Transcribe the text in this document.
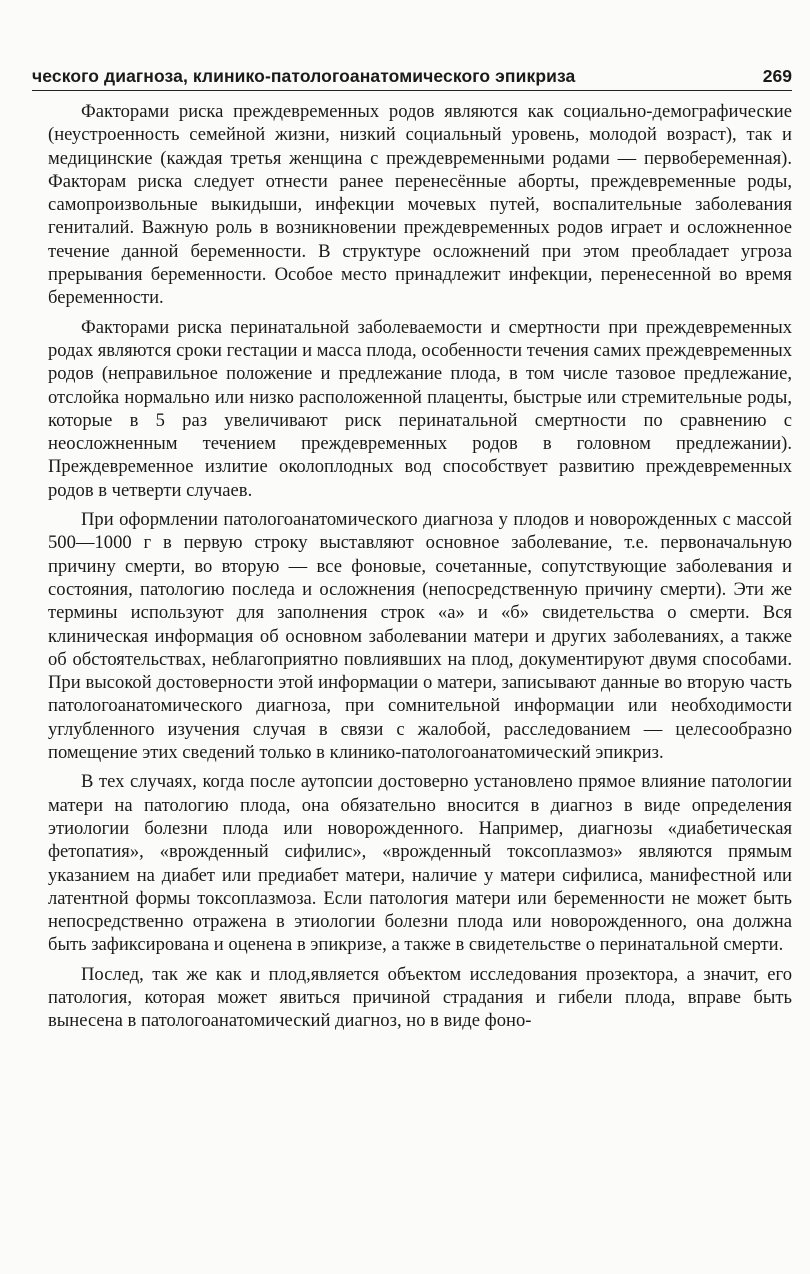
ческого диагноза, клинико-патологоанатомического эпикриза	269

Факторами риска преждевременных родов являются как социально-демографические (неустроенность семейной жизни, низкий социальный уровень, молодой возраст), так и медицинские (каждая третья женщина с преждевременными родами — первобеременная). Факторам риска следует отнести ранее перенесённые аборты, преждевременные роды, самопроизвольные выкидыши, инфекции мочевых путей, воспалительные заболевания гениталий. Важную роль в возникновении преждевременных родов играет и осложненное течение данной беременности. В структуре осложнений при этом преобладает угроза прерывания беременности. Особое место принадлежит инфекции, перенесенной во время беременности.

Факторами риска перинатальной заболеваемости и смертности при преждевременных родах являются сроки гестации и масса плода, особенности течения самих преждевременных родов (неправильное положение и предлежание плода, в том числе тазовое предлежание, отслойка нормально или низко расположенной плаценты, быстрые или стремительные роды, которые в 5 раз увеличивают риск перинатальной смертности по сравнению с неосложненным течением преждевременных родов в головном предлежании). Преждевременное излитие околоплодных вод способствует развитию преждевременных родов в четверти случаев.

При оформлении патологоанатомического диагноза у плодов и новорожденных с массой 500—1000 г в первую строку выставляют основное заболевание, т.е. первоначальную причину смерти, во вторую — все фоновые, сочетанные, сопутствующие заболевания и состояния, патологию последа и осложнения (непосредственную причину смерти). Эти же термины используют для заполнения строк «а» и «б» свидетельства о смерти. Вся клиническая информация об основном заболевании матери и других заболеваниях, а также об обстоятельствах, неблагоприятно повлиявших на плод, документируют двумя способами. При высокой достоверности этой информации о матери, записывают данные во вторую часть патологоанатомического диагноза, при сомнительной информации или необходимости углубленного изучения случая в связи с жалобой, расследованием — целесообразно помещение этих сведений только в клинико-патологоанатомический эпикриз.

В тех случаях, когда после аутопсии достоверно установлено прямое влияние патологии матери на патологию плода, она обязательно вносится в диагноз в виде определения этиологии болезни плода или новорожденного. Например, диагнозы «диабетическая фетопатия», «врожденный сифилис», «врожденный токсоплазмоз» являются прямым указанием на диабет или предиабет матери, наличие у матери сифилиса, манифестной или латентной формы токсоплазмоза. Если патология матери или беременности не может быть непосредственно отражена в этиологии болезни плода или новорожденного, она должна быть зафиксирована и оценена в эпикризе, а также в свидетельстве о перинатальной смерти.

Послед, так же как и плод,является объектом исследования прозектора, а значит, его патология, которая может явиться причиной страдания и гибели плода, вправе быть вынесена в патологоанатомический диагноз, но в виде фоно-
